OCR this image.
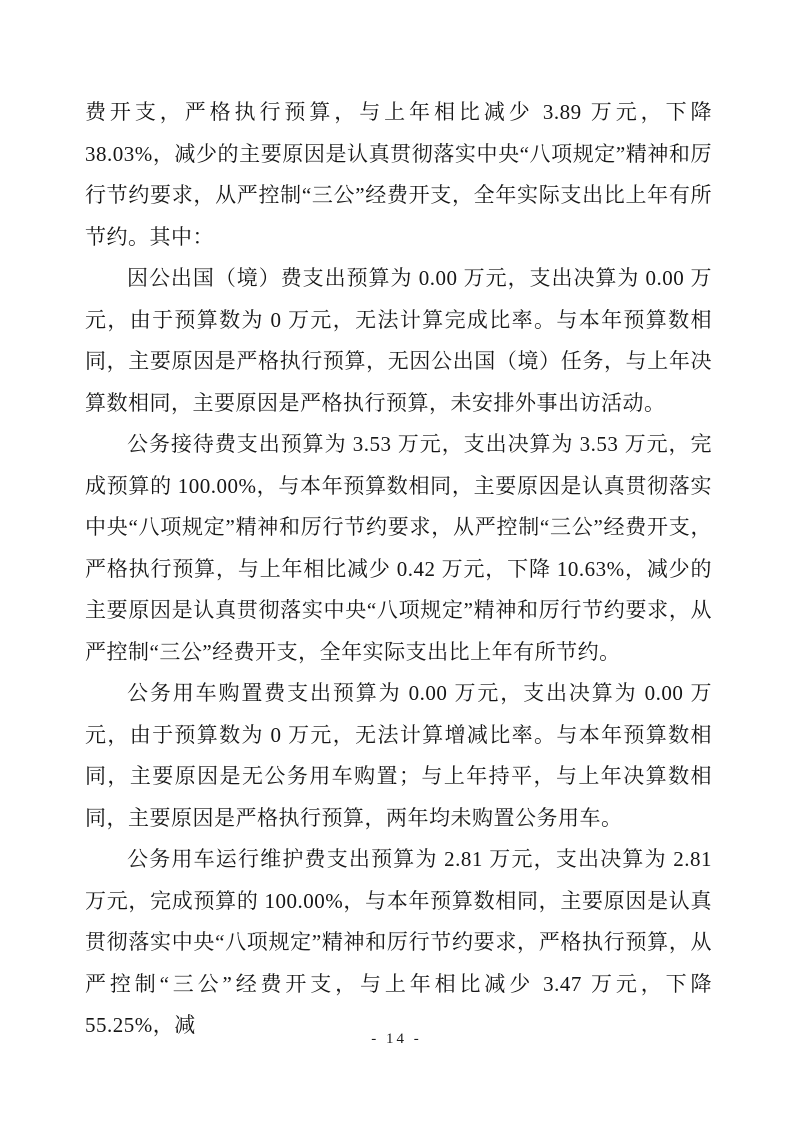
费开支，严格执行预算，与上年相比减少 3.89 万元，下降 38.03%，减少的主要原因是认真贯彻落实中央“八项规定”精神和厉行节约要求，从严控制“三公”经费开支，全年实际支出比上年有所节约。其中：

因公出国（境）费支出预算为 0.00 万元，支出决算为 0.00 万元，由于预算数为 0 万元，无法计算完成比率。与本年预算数相同，主要原因是严格执行预算，无因公出国（境）任务，与上年决算数相同，主要原因是严格执行预算，未安排外事出访活动。

公务接待费支出预算为 3.53 万元，支出决算为 3.53 万元，完成预算的 100.00%，与本年预算数相同，主要原因是认真贯彻落实中央“八项规定”精神和厉行节约要求，从严控制“三公”经费开支，严格执行预算，与上年相比减少 0.42 万元，下降 10.63%，减少的主要原因是认真贯彻落实中央“八项规定”精神和厉行节约要求，从严控制“三公”经费开支，全年实际支出比上年有所节约。

公务用车购置费支出预算为 0.00 万元，支出决算为 0.00 万元，由于预算数为 0 万元，无法计算增减比率。与本年预算数相同，主要原因是无公务用车购置；与上年持平，与上年决算数相同，主要原因是严格执行预算，两年均未购置公务用车。

公务用车运行维护费支出预算为 2.81 万元，支出决算为 2.81 万元，完成预算的 100.00%，与本年预算数相同，主要原因是认真贯彻落实中央“八项规定”精神和厉行节约要求，严格执行预算，从严控制“三公”经费开支，与上年相比减少 3.47 万元，下降 55.25%，减

- 14 -
